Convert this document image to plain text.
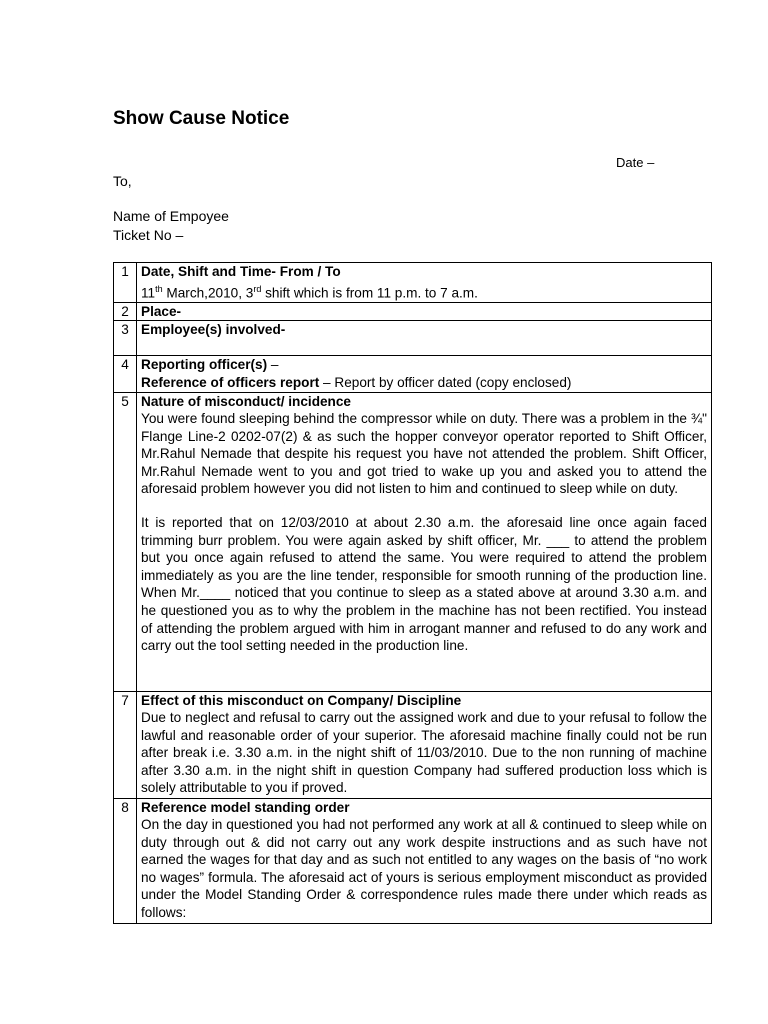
Show Cause Notice
Date –
To,
Name of Empoyee
Ticket No –
1	Date, Shift and Time- From / To
11th March,2010, 3rd shift which is from 11 p.m. to 7 a.m.

2	Place-

3	Employee(s) involved-

4	Reporting officer(s) –
Reference of officers report – Report by officer dated (copy enclosed)

5	Nature of misconduct/ incidence
You were found sleeping behind the compressor while on duty. There was a problem in the ¾" Flange Line-2 0202-07(2) & as such the hopper conveyor operator reported to Shift Officer, Mr.Rahul Nemade that despite his request you have not attended the problem. Shift Officer, Mr.Rahul Nemade went to you and got tried to wake up you and asked you to attend the aforesaid problem however you did not listen to him and continued to sleep while on duty.
It is reported that on 12/03/2010 at about 2.30 a.m. the aforesaid line once again faced trimming burr problem. You were again asked by shift officer, Mr. ___ to attend the problem but you once again refused to attend the same. You were required to attend the problem immediately as you are the line tender, responsible for smooth running of the production line. When Mr.____ noticed that you continue to sleep as a stated above at around 3.30 a.m. and he questioned you as to why the problem in the machine has not been rectified. You instead of attending the problem argued with him in arrogant manner and refused to do any work and carry out the tool setting needed in the production line.

7	Effect of this misconduct on Company/ Discipline
Due to neglect and refusal to carry out the assigned work and due to your refusal to follow the lawful and reasonable order of your superior. The aforesaid machine finally could not be run after break i.e. 3.30 a.m. in the night shift of 11/03/2010. Due to the non running of machine after 3.30 a.m. in the night shift in question Company had suffered production loss which is solely attributable to you if proved.

8	Reference model standing order
On the day in questioned you had not performed any work at all & continued to sleep while on duty through out & did not carry out any work despite instructions and as such have not earned the wages for that day and as such not entitled to any wages on the basis of “no work no wages” formula. The aforesaid act of yours is serious employment misconduct as provided under the Model Standing Order & correspondence rules made there under which reads as follows:
